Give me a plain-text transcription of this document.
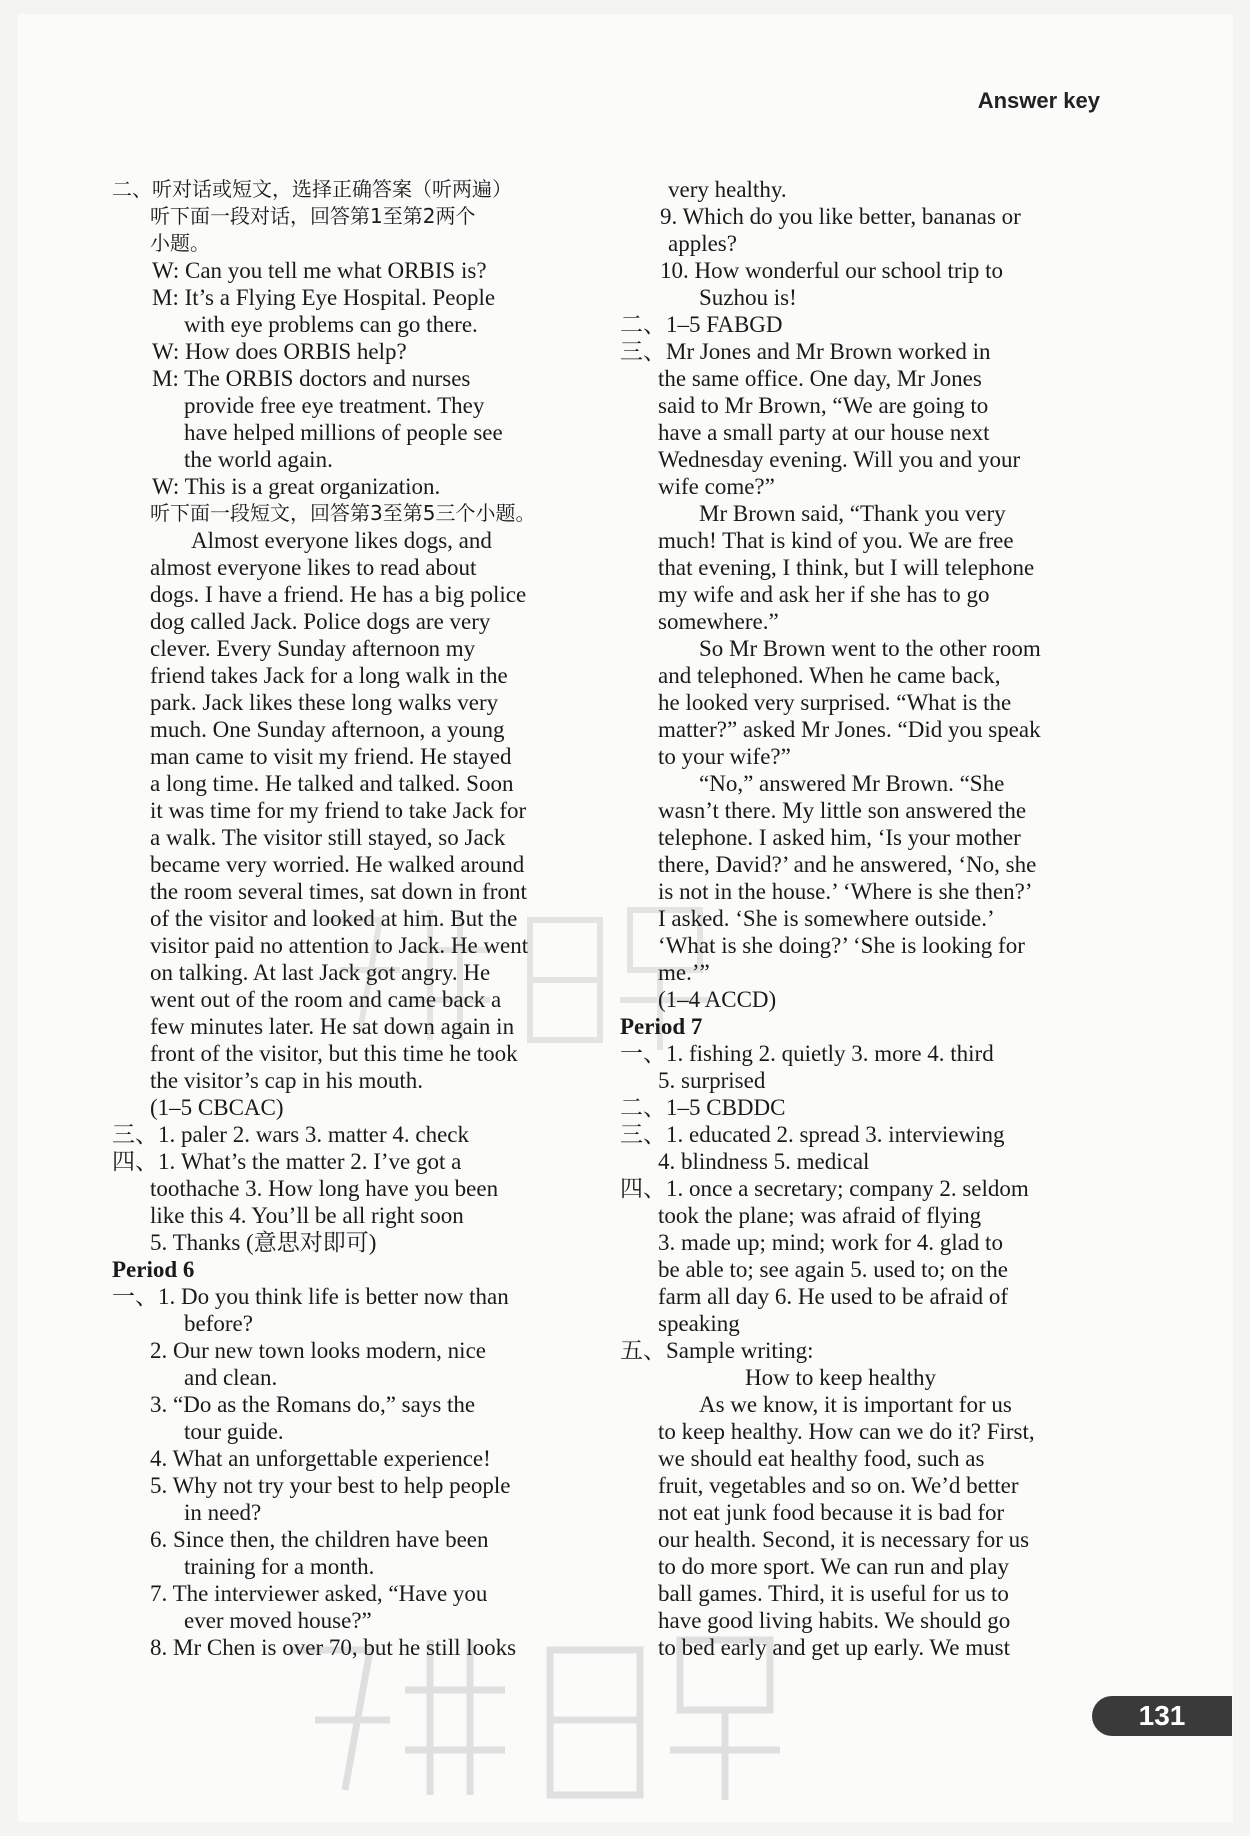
Answer key
二、听对话或短文，选择正确答案（听两遍）
听下面一段对话，回答第1至第2两个
小题。
W: Can you tell me what ORBIS is?
M: It’s a Flying Eye Hospital. People
with eye problems can go there.
W: How does ORBIS help?
M: The ORBIS doctors and nurses
provide free eye treatment. They
have helped millions of people see
the world again.
W: This is a great organization.
听下面一段短文，回答第3至第5三个小题。
Almost everyone likes dogs, and
almost everyone likes to read about
dogs. I have a friend. He has a big police
dog called Jack. Police dogs are very
clever. Every Sunday afternoon my
friend takes Jack for a long walk in the
park. Jack likes these long walks very
much. One Sunday afternoon, a young
man came to visit my friend. He stayed
a long time. He talked and talked. Soon
it was time for my friend to take Jack for
a walk. The visitor still stayed, so Jack
became very worried. He walked around
the room several times, sat down in front
of the visitor and looked at him. But the
visitor paid no attention to Jack. He went
on talking. At last Jack got angry. He
went out of the room and came back a
few minutes later. He sat down again in
front of the visitor, but this time he took
the visitor’s cap in his mouth.
(1–5 CBCAC)
三、1. paler 2. wars 3. matter 4. check
四、1. What’s the matter 2. I’ve got a
toothache 3. How long have you been
like this 4. You’ll be all right soon
5. Thanks (意思对即可)
Period 6
一、1. Do you think life is better now than
before?
2. Our new town looks modern, nice
and clean.
3. “Do as the Romans do,” says the
tour guide.
4. What an unforgettable experience!
5. Why not try your best to help people
in need?
6. Since then, the children have been
training for a month.
7. The interviewer asked, “Have you
ever moved house?”
8. Mr Chen is over 70, but he still looks
very healthy.
9. Which do you like better, bananas or
apples?
10. How wonderful our school trip to
Suzhou is!
二、1–5 FABGD
三、Mr Jones and Mr Brown worked in
the same office. One day, Mr Jones
said to Mr Brown, “We are going to
have a small party at our house next
Wednesday evening. Will you and your
wife come?”
Mr Brown said, “Thank you very
much! That is kind of you. We are free
that evening, I think, but I will telephone
my wife and ask her if she has to go
somewhere.”
So Mr Brown went to the other room
and telephoned. When he came back,
he looked very surprised. “What is the
matter?” asked Mr Jones. “Did you speak
to your wife?”
“No,” answered Mr Brown. “She
wasn’t there. My little son answered the
telephone. I asked him, ‘Is your mother
there, David?’ and he answered, ‘No, she
is not in the house.’ ‘Where is she then?’
I asked. ‘She is somewhere outside.’
‘What is she doing?’ ‘She is looking for
me.’”
(1–4 ACCD)
Period 7
一、1. fishing 2. quietly 3. more 4. third
5. surprised
二、1–5 CBDDC
三、1. educated 2. spread 3. interviewing
4. blindness 5. medical
四、1. once a secretary; company 2. seldom
took the plane; was afraid of flying
3. made up; mind; work for 4. glad to
be able to; see again 5. used to; on the
farm all day 6. He used to be afraid of
speaking
五、Sample writing:
How to keep healthy
As we know, it is important for us
to keep healthy. How can we do it? First,
we should eat healthy food, such as
fruit, vegetables and so on. We’d better
not eat junk food because it is bad for
our health. Second, it is necessary for us
to do more sport. We can run and play
ball games. Third, it is useful for us to
have good living habits. We should go
to bed early and get up early. We must
131
